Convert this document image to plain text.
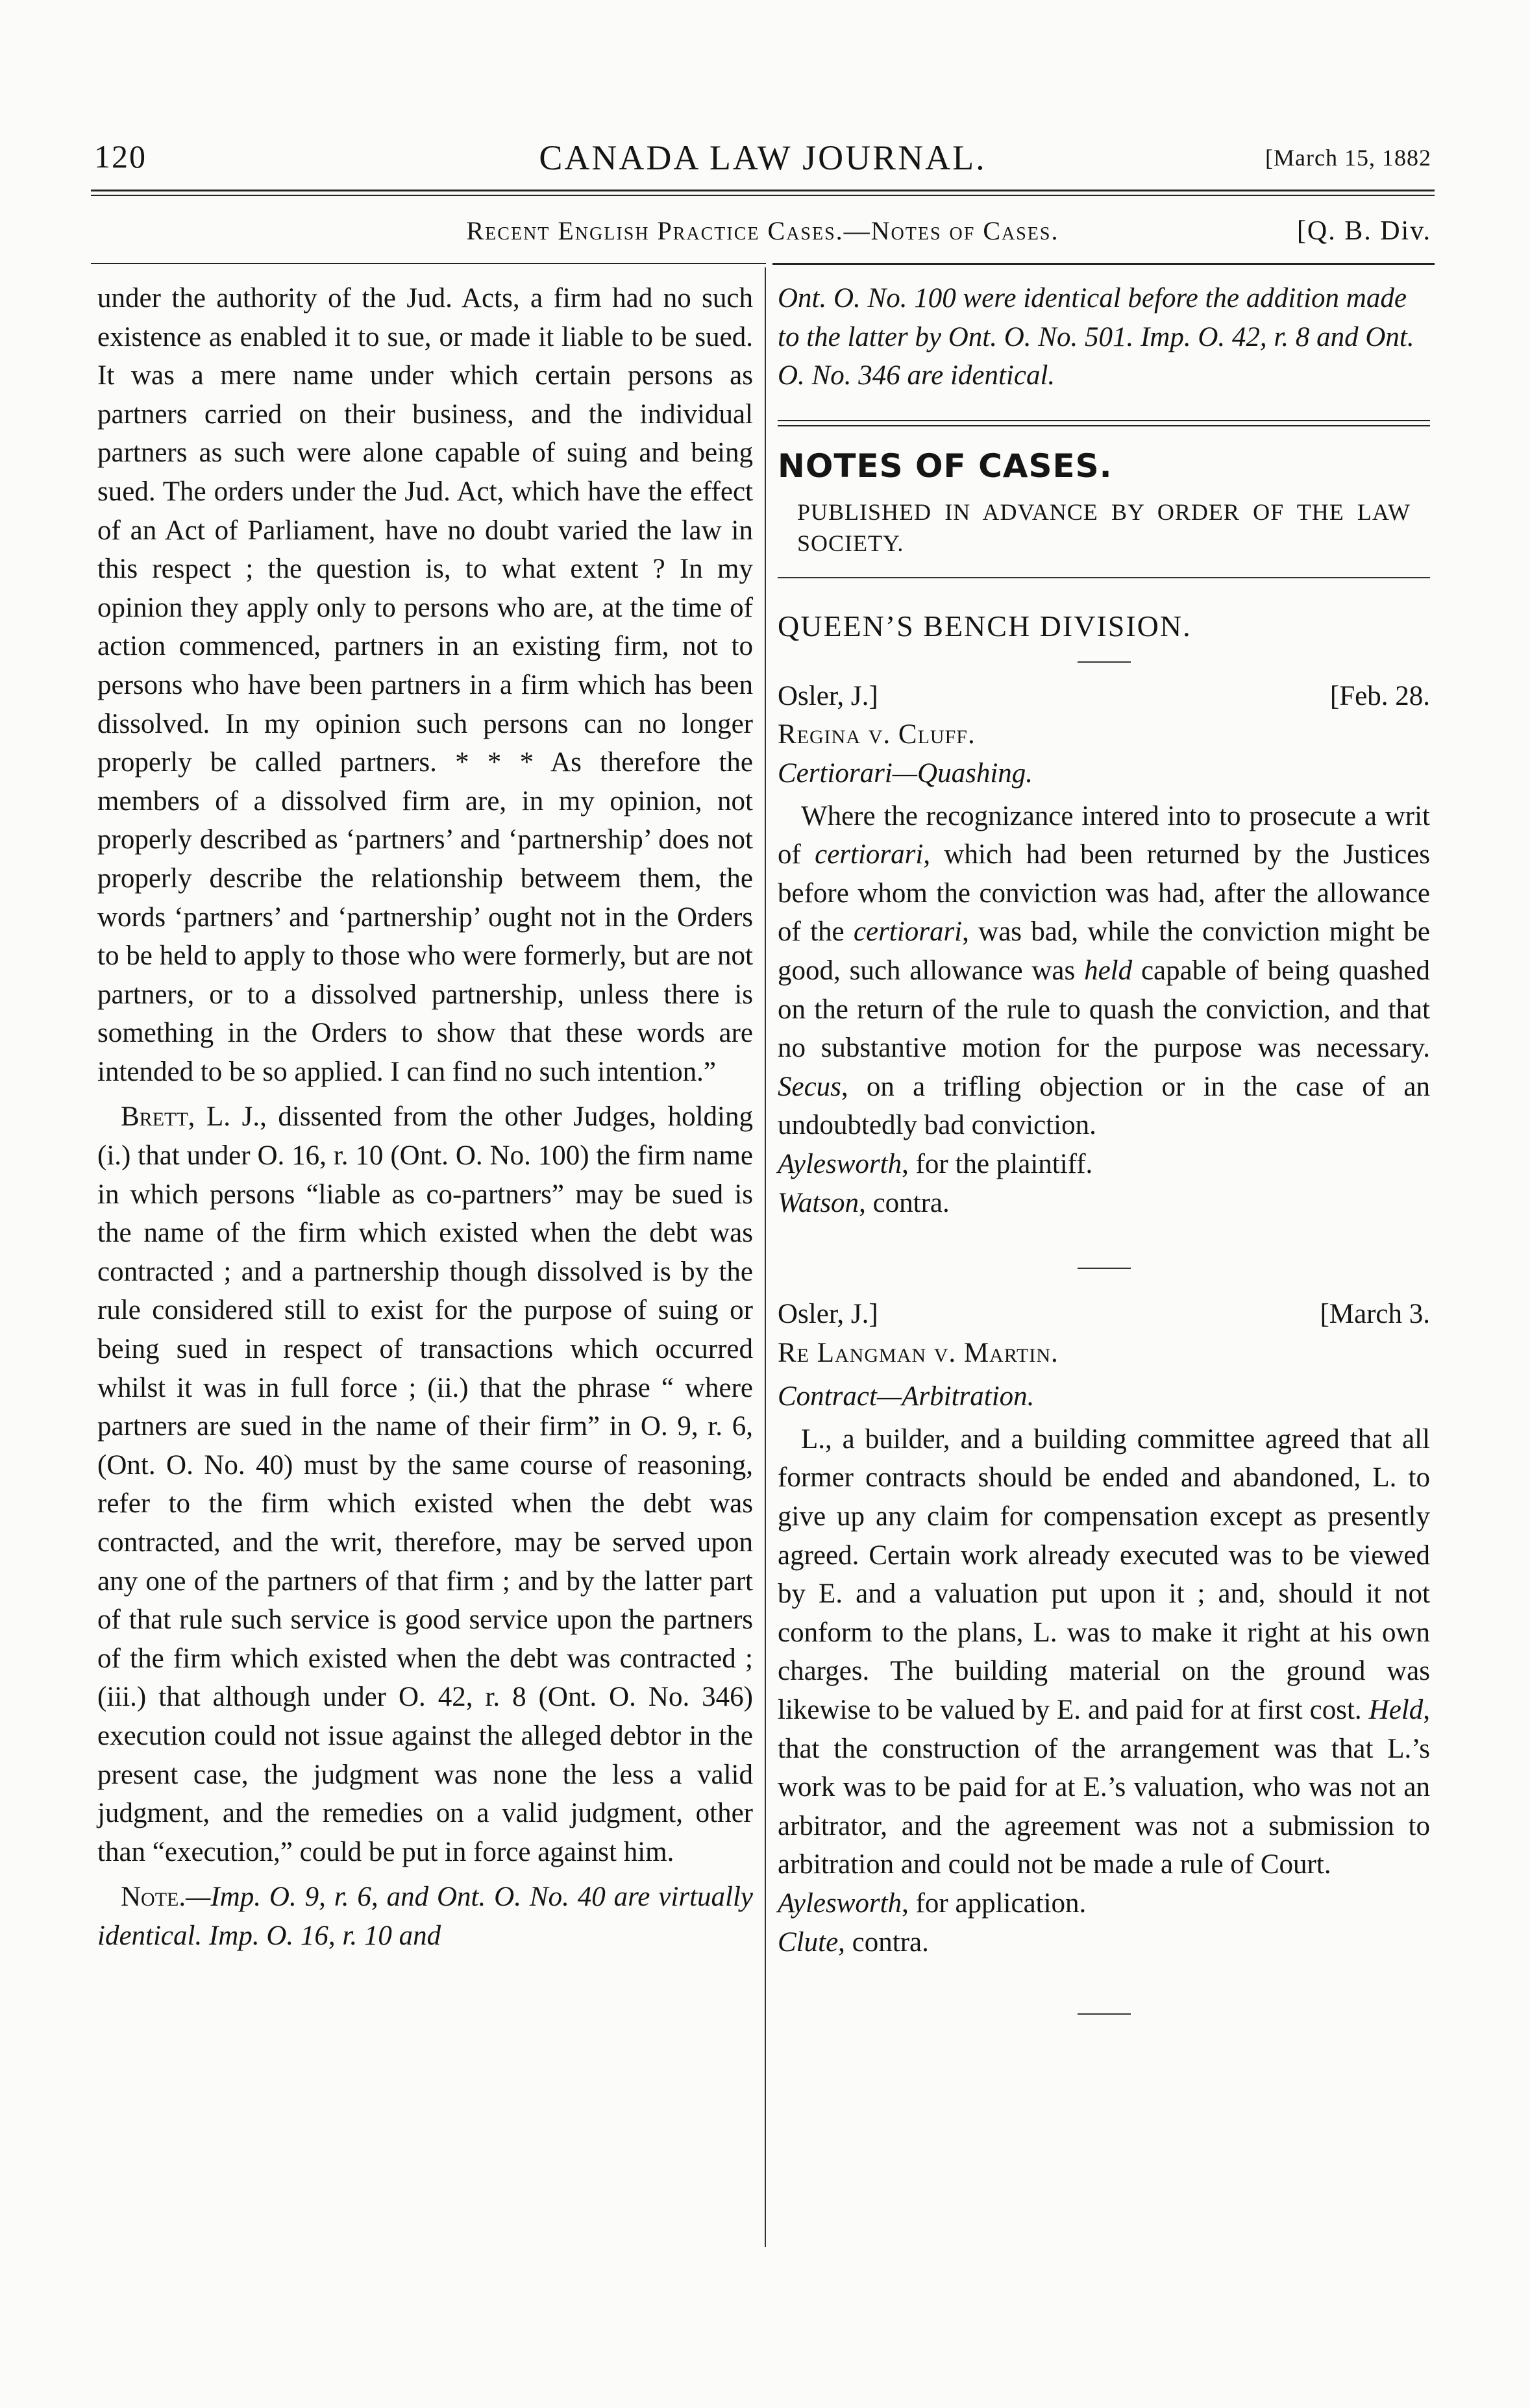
120	CANADA LAW JOURNAL.	[March 15, 1882
Recent English Practice Cases.—Notes of Cases.	[Q. B. Div.

under the authority of the Jud. Acts, a firm had no such existence as enabled it to sue, or made it liable to be sued. It was a mere name under which certain persons as partners carried on their business, and the individual partners as such were alone capable of suing and being sued. The orders under the Jud. Act, which have the effect of an Act of Parliament, have no doubt varied the law in this respect ; the question is, to what extent ? In my opinion they apply only to persons who are, at the time of action commenced, partners in an existing firm, not to persons who have been partners in a firm which has been dissolved. In my opinion such persons can no longer properly be called partners. * * * As therefore the members of a dissolved firm are, in my opinion, not properly described as ‘partners’ and ‘partnership’ does not properly describe the relationship betweem them, the words ‘partners’ and ‘partnership’ ought not in the Orders to be held to apply to those who were formerly, but are not partners, or to a dissolved partnership, unless there is something in the Orders to show that these words are intended to be so applied. I can find no such intention.”

Brett, L. J., dissented from the other Judges, holding (i.) that under O. 16, r. 10 (Ont. O. No. 100) the firm name in which persons “liable as co-partners” may be sued is the name of the firm which existed when the debt was contracted ; and a partnership though dissolved is by the rule considered still to exist for the purpose of suing or being sued in respect of transactions which occurred whilst it was in full force ; (ii.) that the phrase “ where partners are sued in the name of their firm” in O. 9, r. 6, (Ont. O. No. 40) must by the same course of reasoning, refer to the firm which existed when the debt was contracted, and the writ, therefore, may be served upon any one of the partners of that firm ; and by the latter part of that rule such service is good service upon the partners of the firm which existed when the debt was contracted ; (iii.) that although under O. 42, r. 8 (Ont. O. No. 346) execution could not issue against the alleged debtor in the present case, the judgment was none the less a valid judgment, and the remedies on a valid judgment, other than “execution,” could be put in force against him.

Note.—Imp. O. 9, r. 6, and Ont. O. No. 40 are virtually identical. Imp. O. 16, r. 10 and

Ont. O. No. 100 were identical before the addition made to the latter by Ont. O. No. 501. Imp. O. 42, r. 8 and Ont. O. No. 346 are identical.

NOTES OF CASES.

PUBLISHED IN ADVANCE BY ORDER OF THE LAW SOCIETY.

QUEEN’S BENCH DIVISION.

Osler, J.]	[Feb. 28.

Regina v. Cluff.

Certiorari—Quashing.

Where the recognizance intered into to prosecute a writ of certiorari, which had been returned by the Justices before whom the conviction was had, after the allowance of the certiorari, was bad, while the conviction might be good, such allowance was held capable of being quashed on the return of the rule to quash the conviction, and that no substantive motion for the purpose was necessary. Secus, on a trifling objection or in the case of an undoubtedly bad conviction.

Aylesworth, for the plaintiff.

Watson, contra.

Osler, J.]	[March 3.

Re Langman v. Martin.

Contract—Arbitration.

L., a builder, and a building committee agreed that all former contracts should be ended and abandoned, L. to give up any claim for compensation except as presently agreed. Certain work already executed was to be viewed by E. and a valuation put upon it ; and, should it not conform to the plans, L. was to make it right at his own charges. The building material on the ground was likewise to be valued by E. and paid for at first cost. Held, that the construction of the arrangement was that L.’s work was to be paid for at E.’s valuation, who was not an arbitrator, and the agreement was not a submission to arbitration and could not be made a rule of Court.

Aylesworth, for application.

Clute, contra.
